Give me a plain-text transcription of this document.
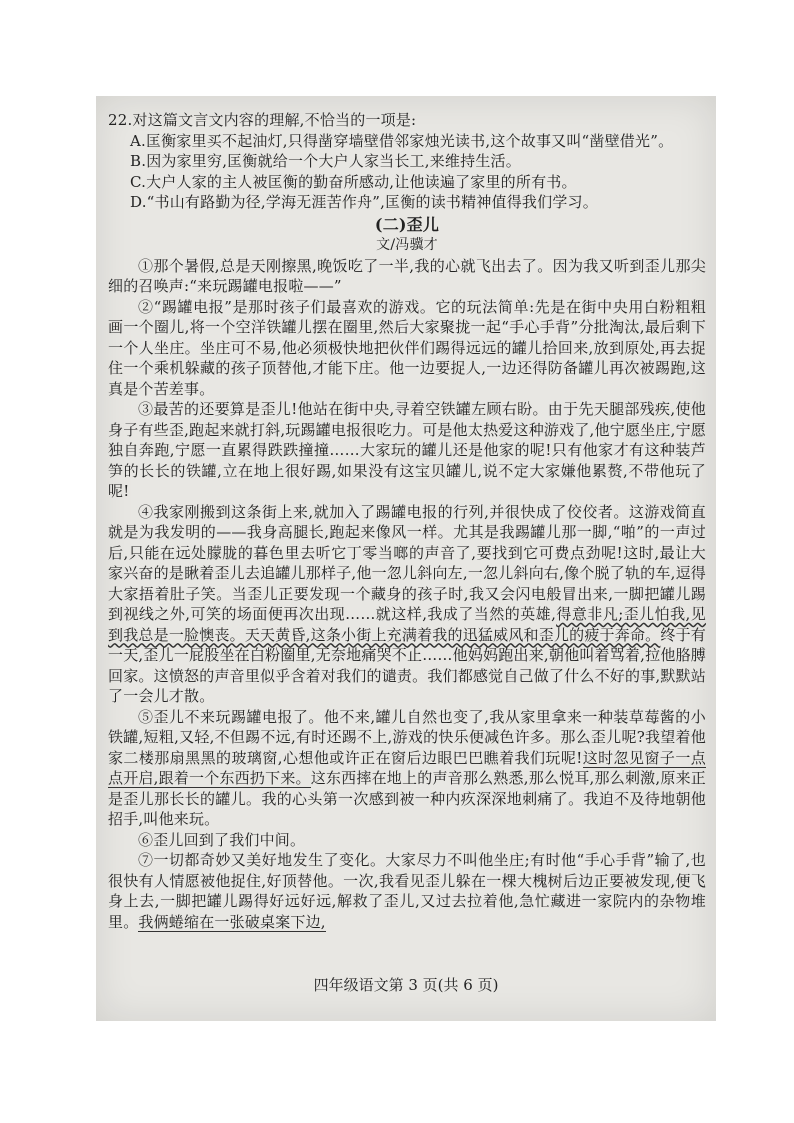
22.对这篇文言文内容的理解,不恰当的一项是:

A.匡衡家里买不起油灯,只得凿穿墙壁借邻家烛光读书,这个故事又叫“凿壁借光”。

B.因为家里穷,匡衡就给一个大户人家当长工,来维持生活。

C.大户人家的主人被匡衡的勤奋所感动,让他读遍了家里的所有书。

D.“书山有路勤为径,学海无涯苦作舟”,匡衡的读书精神值得我们学习。

(二)歪儿

文/冯骥才

①那个暑假,总是天刚擦黑,晚饭吃了一半,我的心就飞出去了。因为我又听到歪儿那尖细的召唤声:“来玩踢罐电报啦——”

②“踢罐电报”是那时孩子们最喜欢的游戏。它的玩法简单:先是在街中央用白粉粗粗画一个圈儿,将一个空洋铁罐儿摆在圈里,然后大家聚拢一起“手心手背”分批淘汰,最后剩下一个人坐庄。坐庄可不易,他必须极快地把伙伴们踢得远远的罐儿拾回来,放到原处,再去捉住一个乘机躲藏的孩子顶替他,才能下庄。他一边要捉人,一边还得防备罐儿再次被踢跑,这真是个苦差事。

③最苦的还要算是歪儿!他站在街中央,寻着空铁罐左顾右盼。由于先天腿部残疾,使他身子有些歪,跑起来就打斜,玩踢罐电报很吃力。可是他太热爱这种游戏了,他宁愿坐庄,宁愿独自奔跑,宁愿一直累得跌跌撞撞……大家玩的罐儿还是他家的呢!只有他家才有这种装芦笋的长长的铁罐,立在地上很好踢,如果没有这宝贝罐儿,说不定大家嫌他累赘,不带他玩了呢!

④我家刚搬到这条街上来,就加入了踢罐电报的行列,并很快成了佼佼者。这游戏简直就是为我发明的——我身高腿长,跑起来像风一样。尤其是我踢罐儿那一脚,“啪”的一声过后,只能在远处朦胧的暮色里去听它丁零当啷的声音了,要找到它可费点劲呢!这时,最让大家兴奋的是瞅着歪儿去追罐儿那样子,他一忽儿斜向左,一忽儿斜向右,像个脱了轨的车,逗得大家捂着肚子笑。当歪儿正要发现一个藏身的孩子时,我又会闪电般冒出来,一脚把罐儿踢到视线之外,可笑的场面便再次出现……就这样,我成了当然的英雄,得意非凡;歪儿怕我,见到我总是一脸懊丧。天天黄昏,这条小街上充满着我的迅猛威风和歪儿的疲于奔命。终于有一天,歪儿一屁股坐在白粉圈里,无奈地痛哭不止……他妈妈跑出来,朝他叫着骂着,拉他胳膊回家。这愤怒的声音里似乎含着对我们的谴责。我们都感觉自己做了什么不好的事,默默站了一会儿才散。

⑤歪儿不来玩踢罐电报了。他不来,罐儿自然也变了,我从家里拿来一种装草莓酱的小铁罐,短粗,又轻,不但踢不远,有时还踢不上,游戏的快乐便减色许多。那么歪儿呢?我望着他家二楼那扇黑黑的玻璃窗,心想他或许正在窗后边眼巴巴瞧着我们玩呢!这时忽见窗子一点点开启,跟着一个东西扔下来。这东西摔在地上的声音那么熟悉,那么悦耳,那么刺激,原来正是歪儿那长长的罐儿。我的心头第一次感到被一种内疚深深地刺痛了。我迫不及待地朝他招手,叫他来玩。

⑥歪儿回到了我们中间。

⑦一切都奇妙又美好地发生了变化。大家尽力不叫他坐庄;有时他“手心手背”输了,也很快有人情愿被他捉住,好顶替他。一次,我看见歪儿躲在一棵大槐树后边正要被发现,便飞身上去,一脚把罐儿踢得好远好远,解救了歪儿,又过去拉着他,急忙藏进一家院内的杂物堆里。我俩蜷缩在一张破桌案下边,

四年级语文第 3 页(共 6 页)
